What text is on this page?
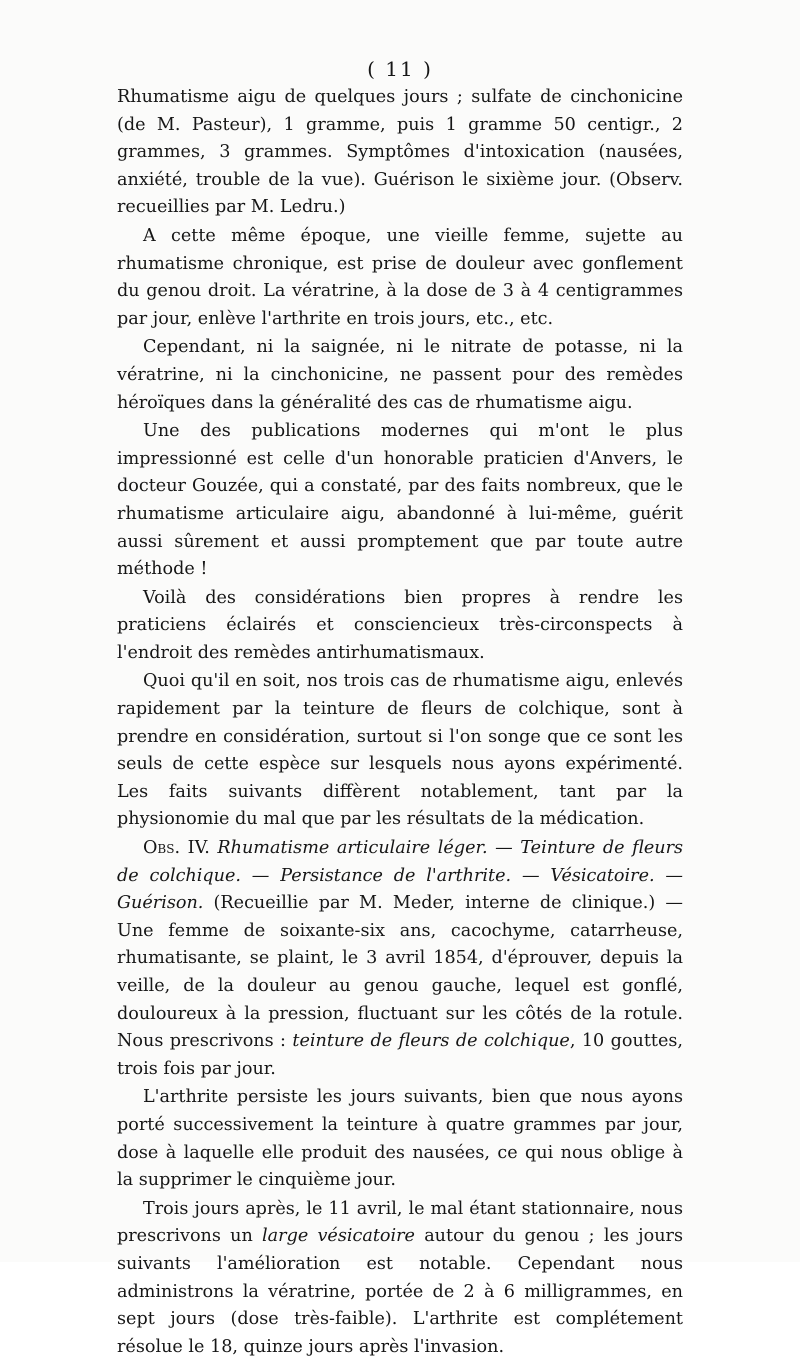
( 11 )

Rhumatisme aigu de quelques jours ; sulfate de cinchonicine (de M. Pasteur), 1 gramme, puis 1 gramme 50 centigr., 2 grammes, 3 grammes. Symptômes d'intoxication (nausées, anxiété, trouble de la vue). Guérison le sixième jour. (Observ. recueillies par M. Ledru.)

A cette même époque, une vieille femme, sujette au rhumatisme chronique, est prise de douleur avec gonflement du genou droit. La vératrine, à la dose de 3 à 4 centigrammes par jour, enlève l'arthrite en trois jours, etc., etc.

Cependant, ni la saignée, ni le nitrate de potasse, ni la vératrine, ni la cinchonicine, ne passent pour des remèdes héroïques dans la généralité des cas de rhumatisme aigu.

Une des publications modernes qui m'ont le plus impressionné est celle d'un honorable praticien d'Anvers, le docteur Gouzée, qui a constaté, par des faits nombreux, que le rhumatisme articulaire aigu, abandonné à lui-même, guérit aussi sûrement et aussi promptement que par toute autre méthode !

Voilà des considérations bien propres à rendre les praticiens éclairés et consciencieux très-circonspects à l'endroit des remèdes antirhumatismaux.

Quoi qu'il en soit, nos trois cas de rhumatisme aigu, enlevés rapidement par la teinture de fleurs de colchique, sont à prendre en considération, surtout si l'on songe que ce sont les seuls de cette espèce sur lesquels nous ayons expérimenté. Les faits suivants diffèrent notablement, tant par la physionomie du mal que par les résultats de la médication.

Obs. IV. Rhumatisme articulaire léger. — Teinture de fleurs de colchique. — Persistance de l'arthrite. — Vésicatoire. — Guérison. (Recueillie par M. Meder, interne de clinique.) — Une femme de soixante-six ans, cacochyme, catarrheuse, rhumatisante, se plaint, le 3 avril 1854, d'éprouver, depuis la veille, de la douleur au genou gauche, lequel est gonflé, douloureux à la pression, fluctuant sur les côtés de la rotule. Nous prescrivons : teinture de fleurs de colchique, 10 gouttes, trois fois par jour.

L'arthrite persiste les jours suivants, bien que nous ayons porté successivement la teinture à quatre grammes par jour, dose à laquelle elle produit des nausées, ce qui nous oblige à la supprimer le cinquième jour.

Trois jours après, le 11 avril, le mal étant stationnaire, nous prescrivons un large vésicatoire autour du genou ; les jours suivants l'amélioration est notable. Cependant nous administrons la vératrine, portée de 2 à 6 milligrammes, en sept jours (dose très-faible). L'arthrite est complétement résolue le 18, quinze jours après l'invasion.
